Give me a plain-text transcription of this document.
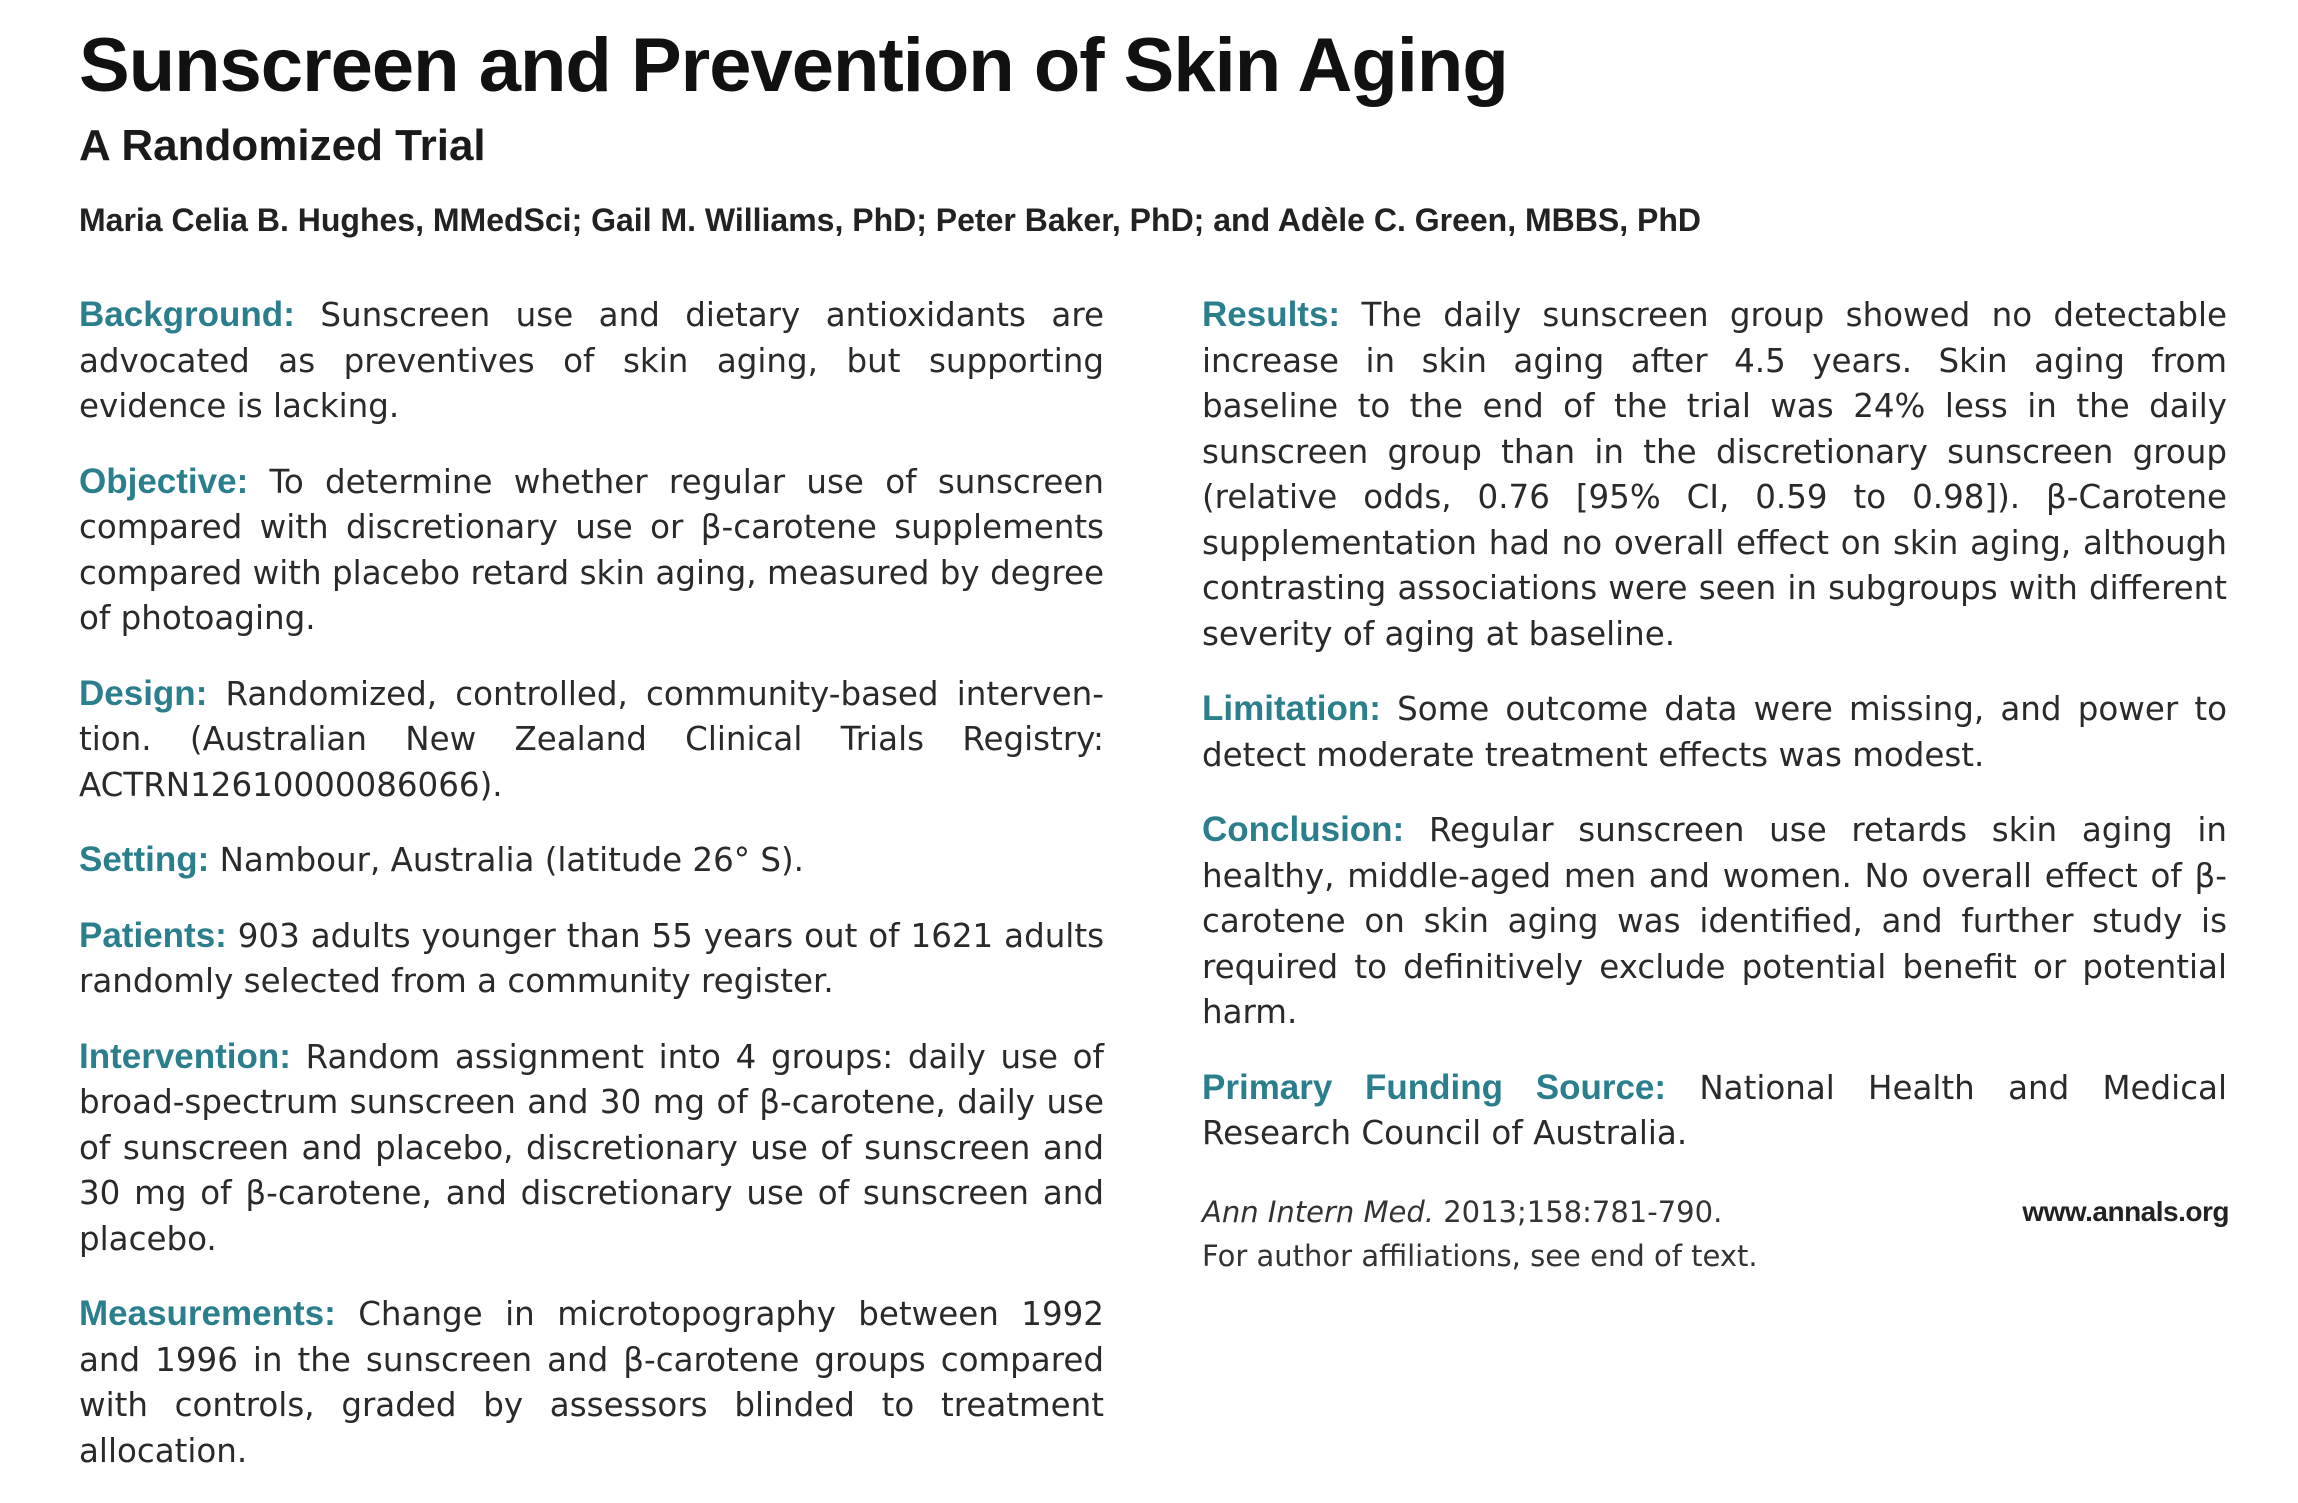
Sunscreen and Prevention of Skin Aging
A Randomized Trial

Maria Celia B. Hughes, MMedSci; Gail M. Williams, PhD; Peter Baker, PhD; and Adèle C. Green, MBBS, PhD

Background: Sunscreen use and dietary antioxidants are advocated as preventives of skin aging, but supporting evidence is lacking.

Objective: To determine whether regular use of sunscreen compared with discretionary use or β-carotene supplements compared with placebo retard skin aging, measured by degree of photoaging.

Design: Randomized, controlled, community-based intervention. (Australian New Zealand Clinical Trials Registry: ACTRN12610000086066).

Setting: Nambour, Australia (latitude 26° S).

Patients: 903 adults younger than 55 years out of 1621 adults randomly selected from a community register.

Intervention: Random assignment into 4 groups: daily use of broad-spectrum sunscreen and 30 mg of β-carotene, daily use of sunscreen and placebo, discretionary use of sunscreen and 30 mg of β-carotene, and discretionary use of sunscreen and placebo.

Measurements: Change in microtopography between 1992 and 1996 in the sunscreen and β-carotene groups compared with controls, graded by assessors blinded to treatment allocation.

Results: The daily sunscreen group showed no detectable increase in skin aging after 4.5 years. Skin aging from baseline to the end of the trial was 24% less in the daily sunscreen group than in the discretionary sunscreen group (relative odds, 0.76 [95% CI, 0.59 to 0.98]). β-Carotene supplementation had no overall effect on skin aging, although contrasting associations were seen in subgroups with different severity of aging at baseline.

Limitation: Some outcome data were missing, and power to detect moderate treatment effects was modest.

Conclusion: Regular sunscreen use retards skin aging in healthy, middle-aged men and women. No overall effect of β-carotene on skin aging was identified, and further study is required to definitively exclude potential benefit or potential harm.

Primary Funding Source: National Health and Medical Research Council of Australia.

Ann Intern Med. 2013;158:781-790.
For author affiliations, see end of text.
www.annals.org
